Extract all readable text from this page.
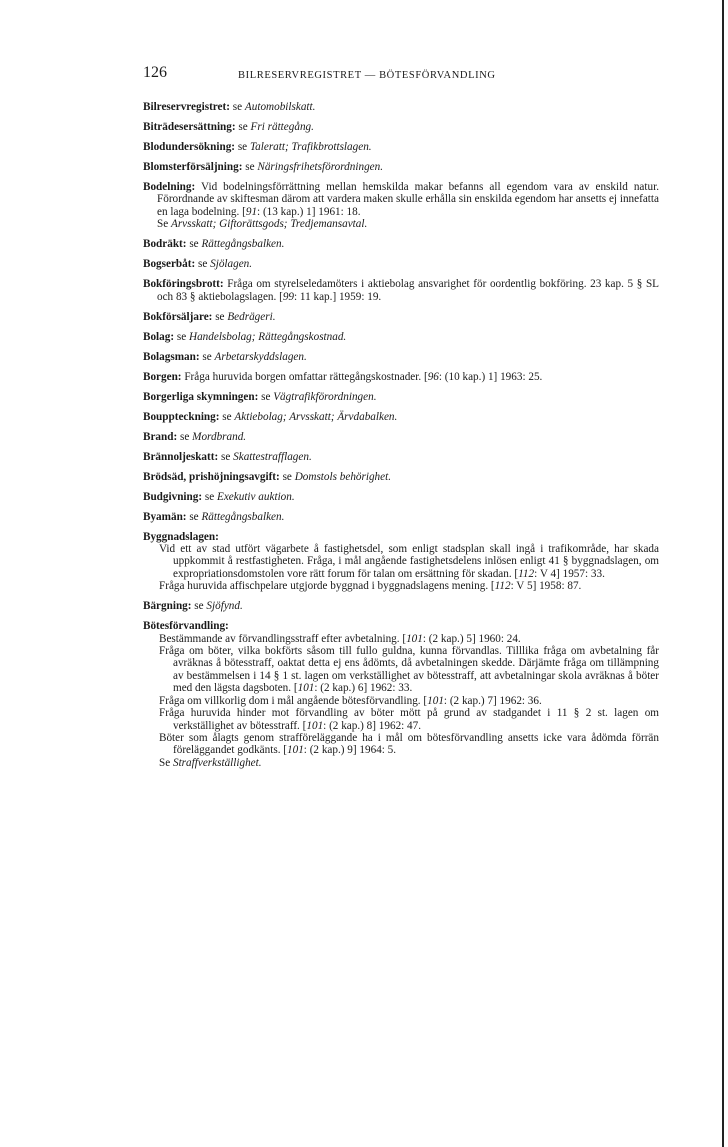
126	BILRESERVREGISTRET — BÖTESFÖRVANDLING

Bilreservregistret: se Automobilskatt.

Biträdesersättning: se Fri rättegång.

Blodundersökning: se Taleratt; Trafikbrottslagen.

Blomsterförsäljning: se Näringsfrihetsförordningen.

Bodelning: Vid bodelningsförrättning mellan hemskilda makar befanns all egendom vara av enskild natur. Förordnande av skiftesman därom att vardera maken skulle erhålla sin enskilda egendom har ansetts ej innefatta en laga bodelning. [91: (13 kap.) 1] 1961: 18.
Se Arvsskatt; Giftorättsgods; Tredjemansavtal.

Bodräkt: se Rättegångsbalken.

Bogserbåt: se Sjölagen.

Bokföringsbrott: Fråga om styrelseledamöters i aktiebolag ansvarighet för oordentlig bokföring. 23 kap. 5 § SL och 83 § aktiebolagslagen. [99: 11 kap.] 1959: 19.

Bokförsäljare: se Bedrägeri.

Bolag: se Handelsbolag; Rättegångskostnad.

Bolagsman: se Arbetarskyddslagen.

Borgen: Fråga huruvida borgen omfattar rättegångskostnader. [96: (10 kap.) 1] 1963: 25.

Borgerliga skymningen: se Vägtrafikförordningen.

Bouppteckning: se Aktiebolag; Arvsskatt; Ärvdabalken.

Brand: se Mordbrand.

Brännoljeskatt: se Skattestrafflagen.

Brödsäd, prishöjningsavgift: se Domstols behörighet.

Budgivning: se Exekutiv auktion.

Byamän: se Rättegångsbalken.

Byggnadslagen:

Vid ett av stad utfört vägarbete å fastighetsdel, som enligt stadsplan skall ingå i trafikområde, har skada uppkommit å restfastigheten. Fråga, i mål angående fastighetsdelens inlösen enligt 41 § byggnadslagen, om expropriationsdomstolen vore rätt forum för talan om ersättning för skadan. [112: V 4] 1957: 33.

Fråga huruvida affischpelare utgjorde byggnad i byggnadslagens mening. [112: V 5] 1958: 87.

Bärgning: se Sjöfynd.

Bötesförvandling:

Bestämmande av förvandlingsstraff efter avbetalning. [101: (2 kap.) 5] 1960: 24.

Fråga om böter, vilka bokförts såsom till fullo guldna, kunna förvandlas. Tilllika fråga om avbetalning får avräknas å bötesstraff, oaktat detta ej ens ådömts, då avbetalningen skedde. Därjämte fråga om tillämpning av bestämmelsen i 14 § 1 st. lagen om verkställighet av bötesstraff, att avbetalningar skola avräknas å böter med den lägsta dagsboten. [101: (2 kap.) 6] 1962: 33.

Fråga om villkorlig dom i mål angående bötesförvandling. [101: (2 kap.) 7] 1962: 36.

Fråga huruvida hinder mot förvandling av böter mött på grund av stadgandet i 11 § 2 st. lagen om verkställighet av bötesstraff. [101: (2 kap.) 8] 1962: 47.

Böter som ålagts genom strafföreläggande ha i mål om bötesförvandling ansetts icke vara ådömda förrän föreläggandet godkänts. [101: (2 kap.) 9] 1964: 5.

Se Straffverkställighet.
